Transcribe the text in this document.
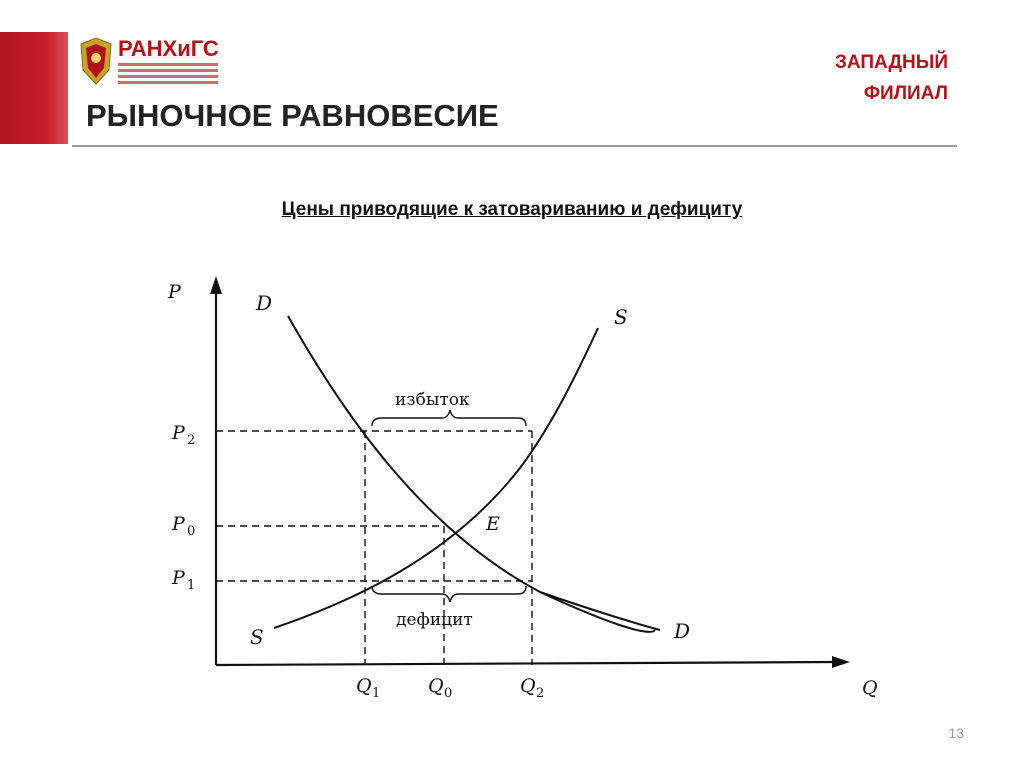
РАНХиГС
ЗАПАДНЫЙ
ФИЛИАЛ
РЫНОЧНОЕ РАВНОВЕСИЕ
Цены приводящие к затовариванию и дефициту
D
S
S	D
E
P
Q
P 2
P 0
P 1
Q 1	Q 0	Q 2
избыток
дефицит
13
